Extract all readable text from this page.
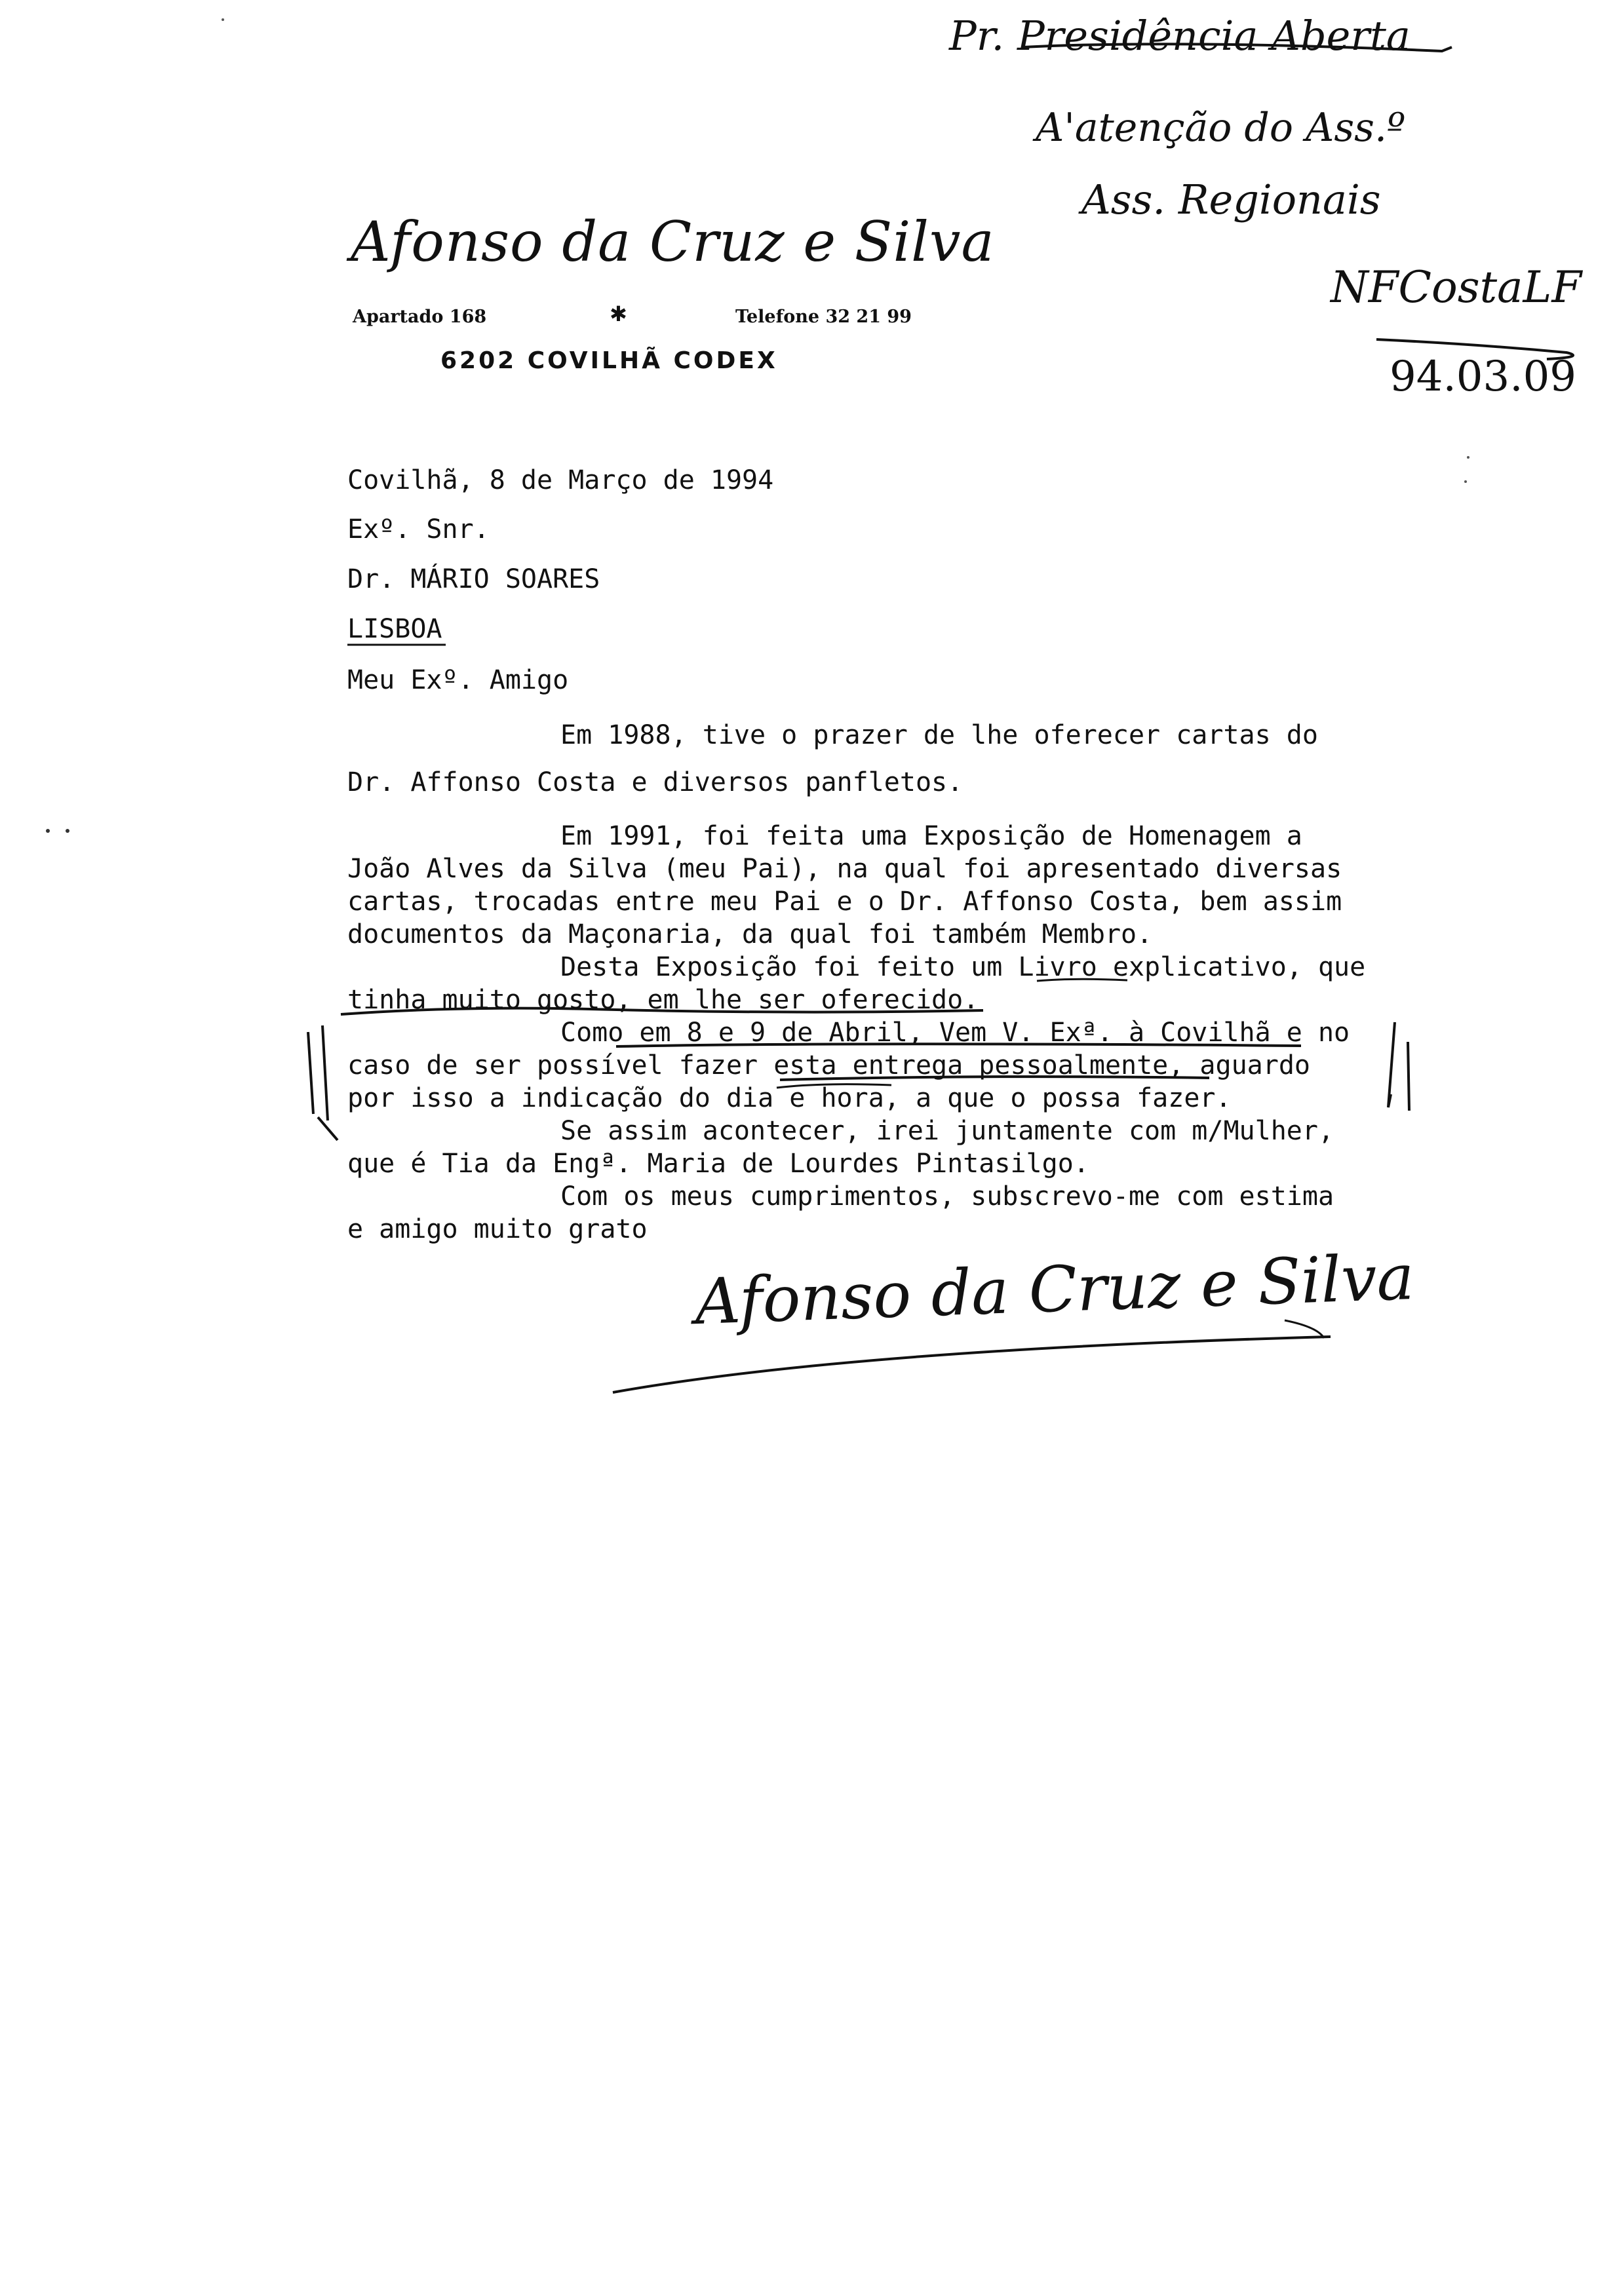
Afonso da Cruz e Silva
Apartado 168	✱	Telefone 32 21 99
6202 COVILHÃ CODEX
Pr. Presidência Aberta
A'atenção do Ass.º
Ass. Regionais
NFCostaLF
94.03.09
Covilhã, 8 de Março de 1994
Exº. Snr.
Dr. MÁRIO SOARES
LISBOA
Meu Exº. Amigo
Em 1988, tive o prazer de lhe oferecer cartas do
Dr. Affonso Costa e diversos panfletos.
Em 1991, foi feita uma Exposição de Homenagem a
João Alves da Silva (meu Pai), na qual foi apresentado diversas
cartas, trocadas entre meu Pai e o Dr. Affonso Costa, bem assim
documentos da Maçonaria, da qual foi também Membro.
Desta Exposição foi feito um Livro explicativo, que
tinha muito gosto, em lhe ser oferecido.
Como em 8 e 9 de Abril, Vem V. Exª. à Covilhã e no
caso de ser possível fazer esta entrega pessoalmente, aguardo
por isso a indicação do dia e hora, a que o possa fazer.
Se assim acontecer, irei juntamente com m/Mulher,
que é Tia da Engª. Maria de Lourdes Pintasilgo.
Com os meus cumprimentos, subscrevo-me com estima
e amigo muito grato
Afonso da Cruz e Silva
